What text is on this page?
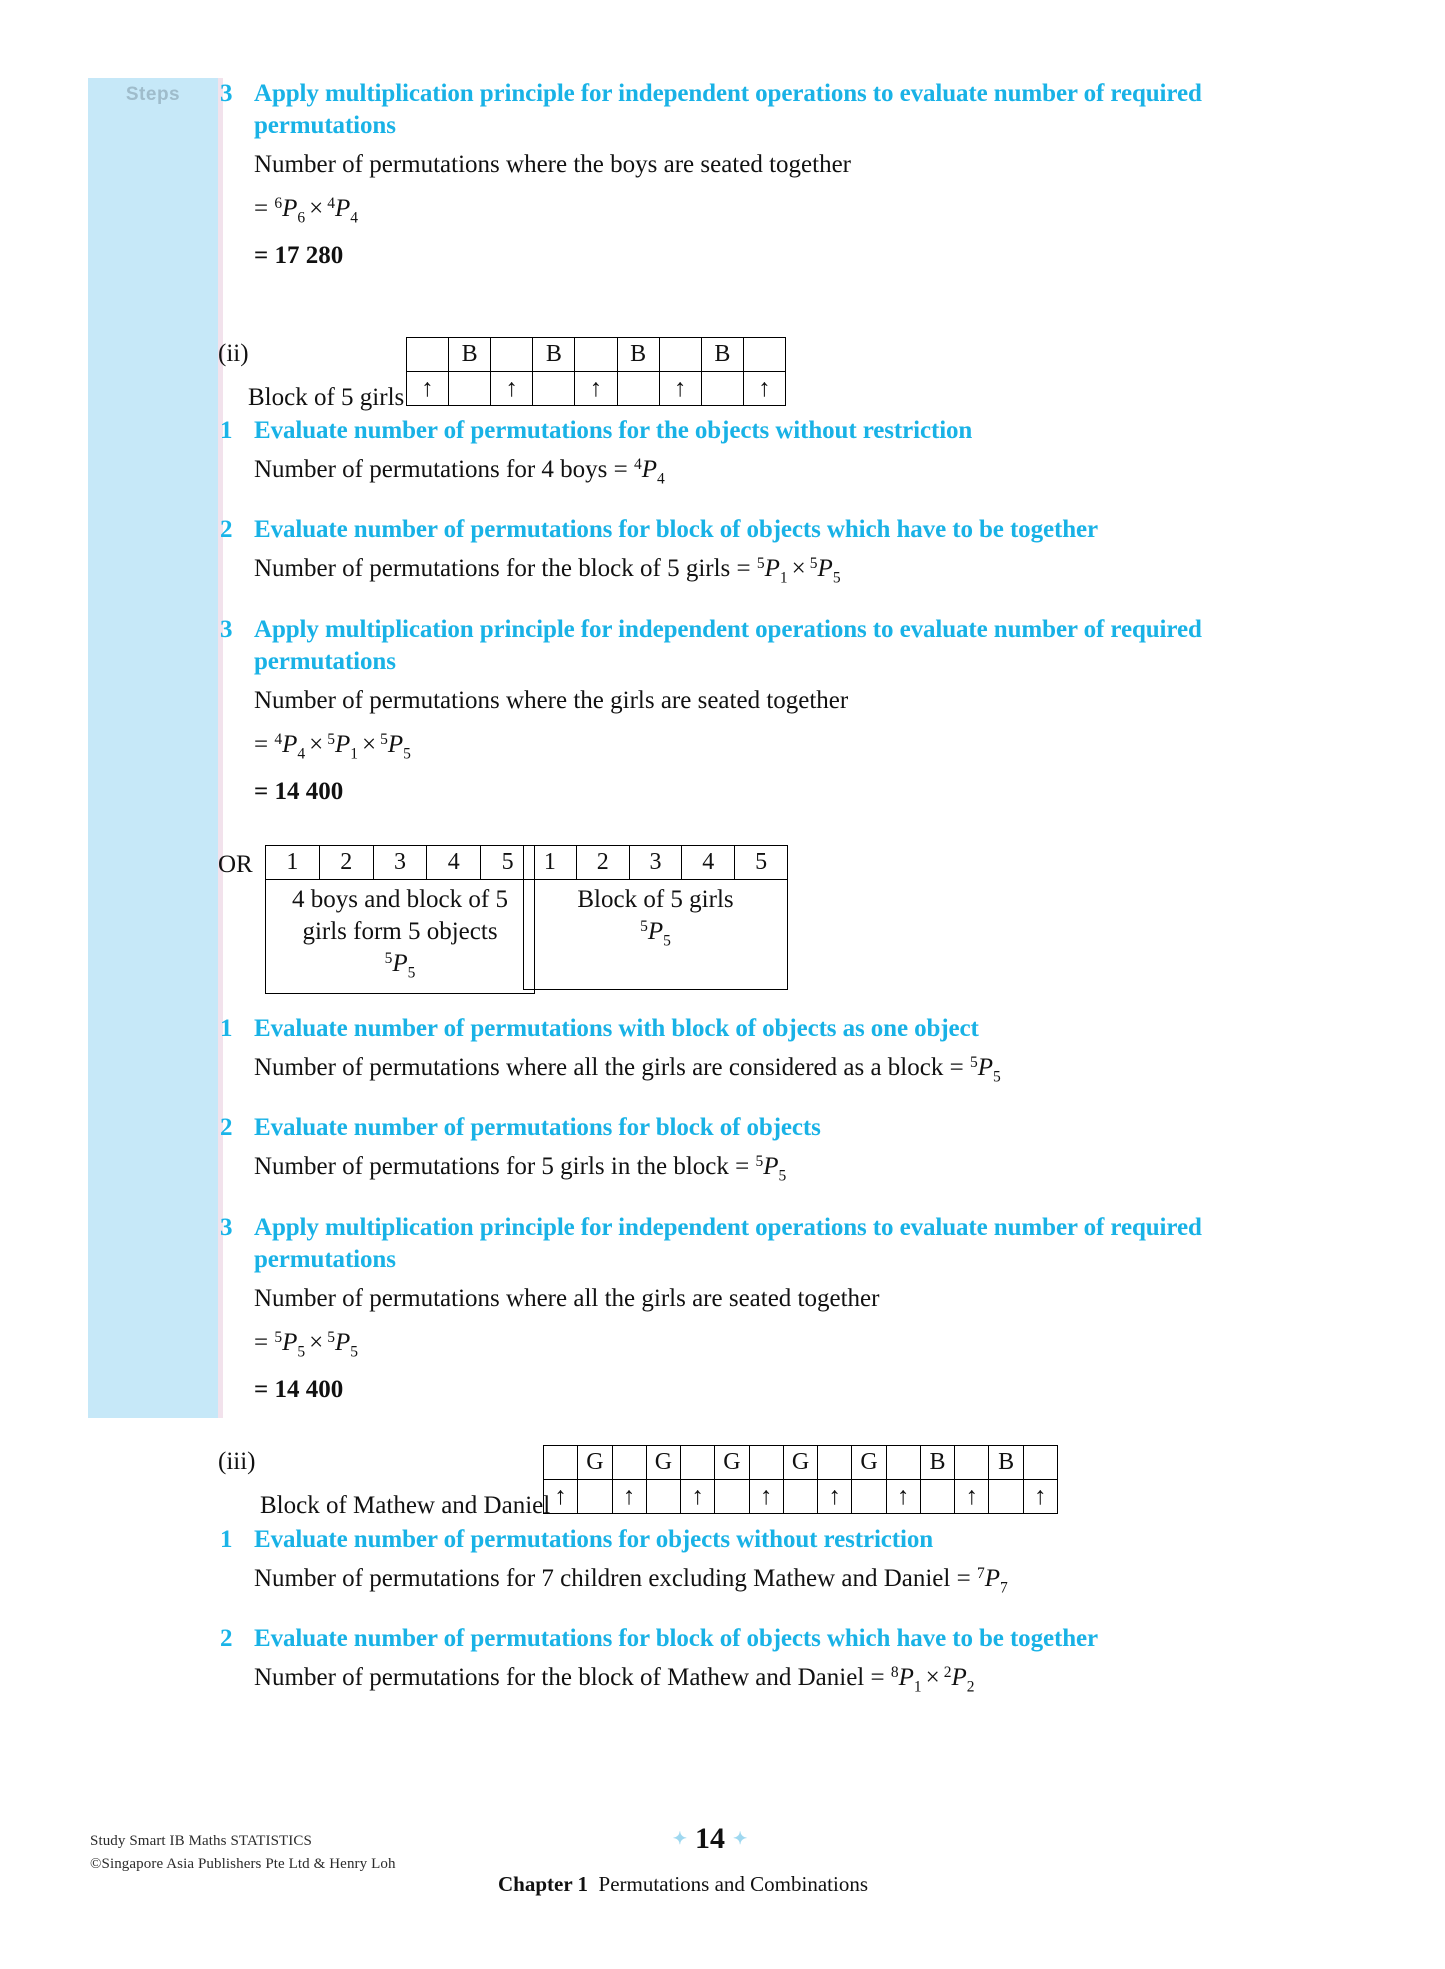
Steps	3 Apply multiplication principle for independent operations to evaluate number of required permutations

Number of permutations where the boys are seated together

= $^6P_6 \times ^4P_4$

= 17 280

(ii)
Block of 5 girls
	B		B		B		B	
↑		↑		↑		↑		↑
1 Evaluate number of permutations for the objects without restriction

Number of permutations for 4 boys = $^4P_4$

2 Evaluate number of permutations for block of objects which have to be together

Number of permutations for the block of 5 girls = $^5P_1 \times ^5P_5$

3 Apply multiplication principle for independent operations to evaluate number of required permutations

Number of permutations where the girls are seated together

= $^4P_4 \times ^5P_1 \times ^5P_5$

= 14 400

OR 1	2	3	4	5
4 boys and block of 5
girls form 5 objects
$^5P_5$
1	2	3	4	5
Block of 5 girls
$^5P_5$
1 Evaluate number of permutations with block of objects as one object

Number of permutations where all the girls are considered as a block = $^5P_5$

2 Evaluate number of permutations for block of objects

Number of permutations for 5 girls in the block = $^5P_5$

3 Apply multiplication principle for independent operations to evaluate number of required permutations

Number of permutations where all the girls are seated together

= $^5P_5 \times ^5P_5$

= 14 400

(iii)
Block of Mathew and Daniel
	G		G		G		G		G		B		B	
↑		↑		↑		↑		↑		↑		↑		↑
1 Evaluate number of permutations for objects without restriction

Number of permutations for 7 children excluding Mathew and Daniel = $^7P_7$

2 Evaluate number of permutations for block of objects which have to be together

Number of permutations for the block of Mathew and Daniel = $^8P_1 \times ^2P_2$

Study Smart IB Maths STATISTICS
©Singapore Asia Publishers Pte Ltd & Henry Loh
✦ 14 ✦
Chapter 1 Permutations and Combinations
